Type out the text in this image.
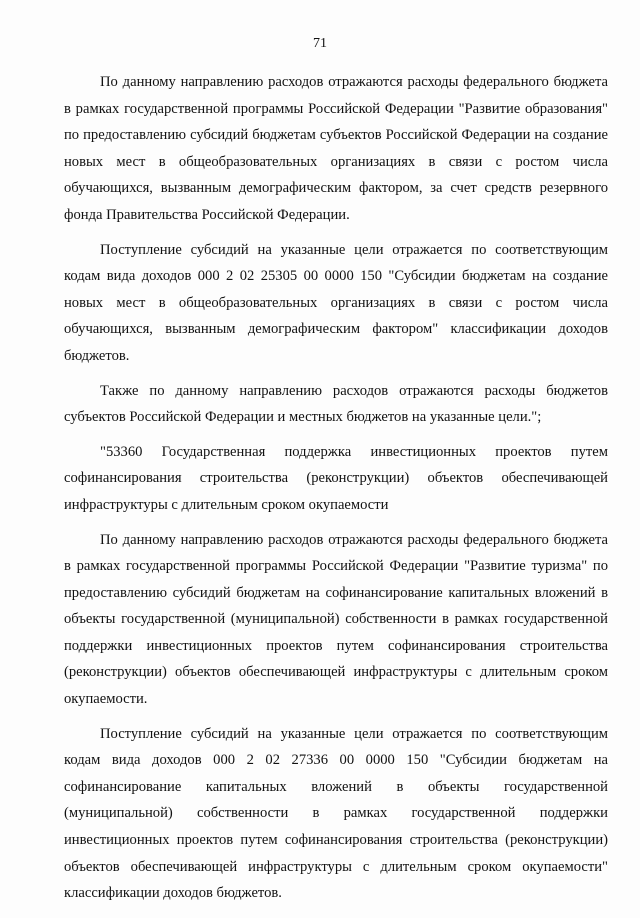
71

По данному направлению расходов отражаются расходы федерального бюджета в рамках государственной программы Российской Федерации "Развитие образования" по предоставлению субсидий бюджетам субъектов Российской Федерации на создание новых мест в общеобразовательных организациях в связи с ростом числа обучающихся, вызванным демографическим фактором, за счет средств резервного фонда Правительства Российской Федерации.

Поступление субсидий на указанные цели отражается по соответствующим кодам вида доходов 000 2 02 25305 00 0000 150 "Субсидии бюджетам на создание новых мест в общеобразовательных организациях в связи с ростом числа обучающихся, вызванным демографическим фактором" классификации доходов бюджетов.

Также по данному направлению расходов отражаются расходы бюджетов субъектов Российской Федерации и местных бюджетов на указанные цели.";

"53360 Государственная поддержка инвестиционных проектов путем софинансирования строительства (реконструкции) объектов обеспечивающей инфраструктуры с длительным сроком окупаемости

По данному направлению расходов отражаются расходы федерального бюджета в рамках государственной программы Российской Федерации "Развитие туризма" по предоставлению субсидий бюджетам на софинансирование капитальных вложений в объекты государственной (муниципальной) собственности в рамках государственной поддержки инвестиционных проектов путем софинансирования строительства (реконструкции) объектов обеспечивающей инфраструктуры с длительным сроком окупаемости.

Поступление субсидий на указанные цели отражается по соответствующим кодам вида доходов 000 2 02 27336 00 0000 150 "Субсидии бюджетам на софинансирование капитальных вложений в объекты государственной (муниципальной) собственности в рамках государственной поддержки инвестиционных проектов путем софинансирования строительства (реконструкции) объектов обеспечивающей инфраструктуры с длительным сроком окупаемости" классификации доходов бюджетов.
